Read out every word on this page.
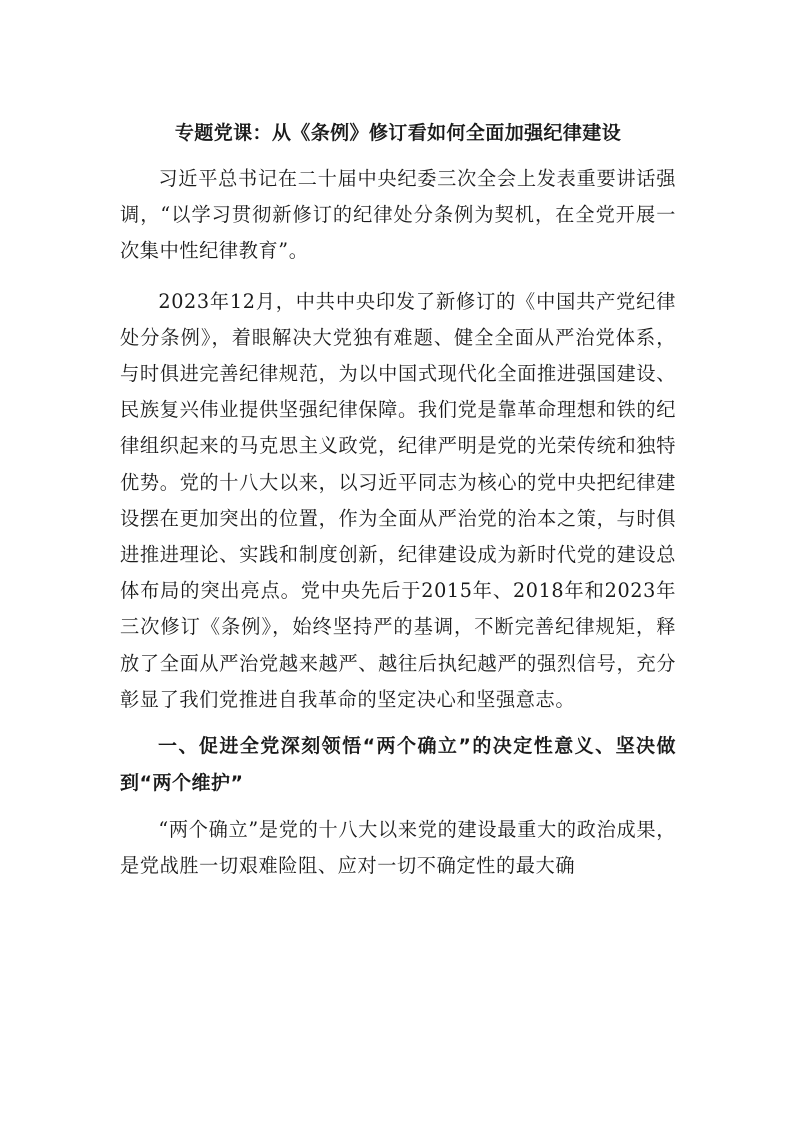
专题党课：从《条例》修订看如何全面加强纪律建设

习近平总书记在二十届中央纪委三次全会上发表重要讲话强调，“以学习贯彻新修订的纪律处分条例为契机，在全党开展一次集中性纪律教育”。

2023年12月，中共中央印发了新修订的《中国共产党纪律处分条例》，着眼解决大党独有难题、健全全面从严治党体系，与时俱进完善纪律规范，为以中国式现代化全面推进强国建设、民族复兴伟业提供坚强纪律保障。我们党是靠革命理想和铁的纪律组织起来的马克思主义政党，纪律严明是党的光荣传统和独特优势。党的十八大以来，以习近平同志为核心的党中央把纪律建设摆在更加突出的位置，作为全面从严治党的治本之策，与时俱进推进理论、实践和制度创新，纪律建设成为新时代党的建设总体布局的突出亮点。党中央先后于2015年、2018年和2023年三次修订《条例》，始终坚持严的基调，不断完善纪律规矩，释放了全面从严治党越来越严、越往后执纪越严的强烈信号，充分彰显了我们党推进自我革命的坚定决心和坚强意志。

一、促进全党深刻领悟“两个确立”的决定性意义、坚决做到“两个维护”

“两个确立”是党的十八大以来党的建设最重大的政治成果，是党战胜一切艰难险阻、应对一切不确定性的最大确
